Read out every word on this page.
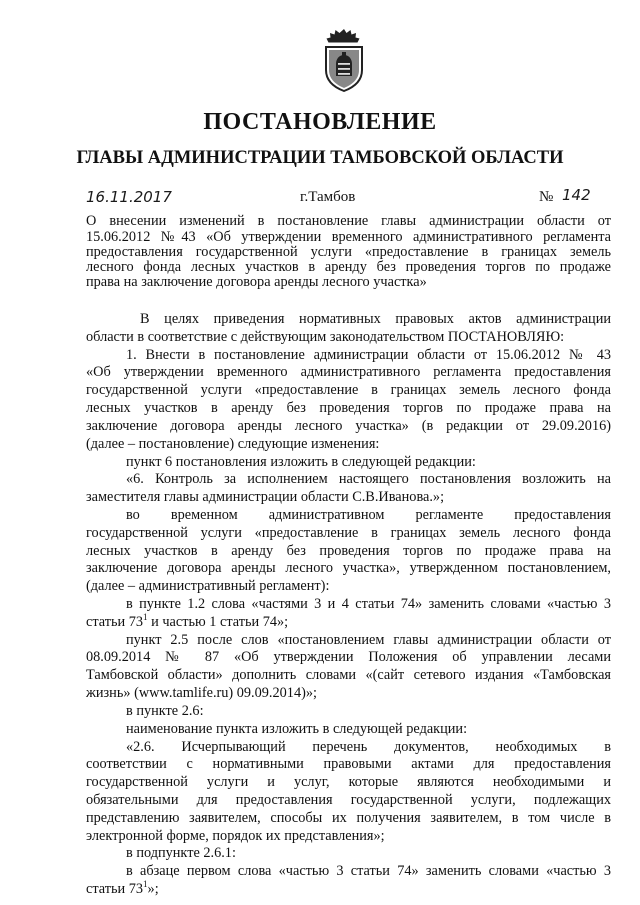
ПОСТАНОВЛЕНИЕ
ГЛАВЫ АДМИНИСТРАЦИИ ТАМБОВСКОЙ ОБЛАСТИ
16.11.2017	г.Тамбов	№ 142
О внесении изменений в постановление главы администрации области от
15.06.2012 №43 «Об утверждении временного административного регламента
предоставления государственной услуги «предоставление в границах земель
лесного фонда лесных участков в аренду без проведения торгов по продаже
права на заключение договора аренды лесного участка»
В целях приведения нормативных правовых актов администрации
области в соответствие с действующим законодательством ПОСТАНОВЛЯЮ:
1. Внести в постановление администрации области от 15.06.2012 № 43
«Об утверждении временного административного регламента предоставления
государственной услуги «предоставление в границах земель лесного фонда
лесных участков в аренду без проведения торгов по продаже права на
заключение договора аренды лесного участка» (в редакции от 29.09.2016)
(далее – постановление) следующие изменения:
пункт 6 постановления изложить в следующей редакции:
«6. Контроль за исполнением настоящего постановления возложить на
заместителя главы администрации области С.В.Иванова.»;
во временном административном регламенте предоставления
государственной услуги «предоставление в границах земель лесного фонда
лесных участков в аренду без проведения торгов по продаже права на
заключение договора аренды лесного участка», утвержденном постановлением,
(далее – административный регламент):
в пункте 1.2 слова «частями 3 и 4 статьи 74» заменить словами «частью 3
статьи $73^1$ и частью 1 статьи 74»;
пункт 2.5 после слов «постановлением главы администрации области от
08.09.2014 № 87 «Об утверждении Положения об управлении лесами
Тамбовской области» дополнить словами «(сайт сетевого издания «Тамбовская
жизнь» (www.tamlife.ru) 09.09.2014)»;
в пункте 2.6:
наименование пункта изложить в следующей редакции:
«2.6. Исчерпывающий перечень документов, необходимых в
соответствии с нормативными правовыми актами для предоставления
государственной услуги и услуг, которые являются необходимыми и
обязательными для предоставления государственной услуги, подлежащих
представлению заявителем, способы их получения заявителем, в том числе в
электронной форме, порядок их представления»;
в подпункте 2.6.1:
в абзаце первом слова «частью 3 статьи 74» заменить словами «частью 3
статьи $73^1$»;
